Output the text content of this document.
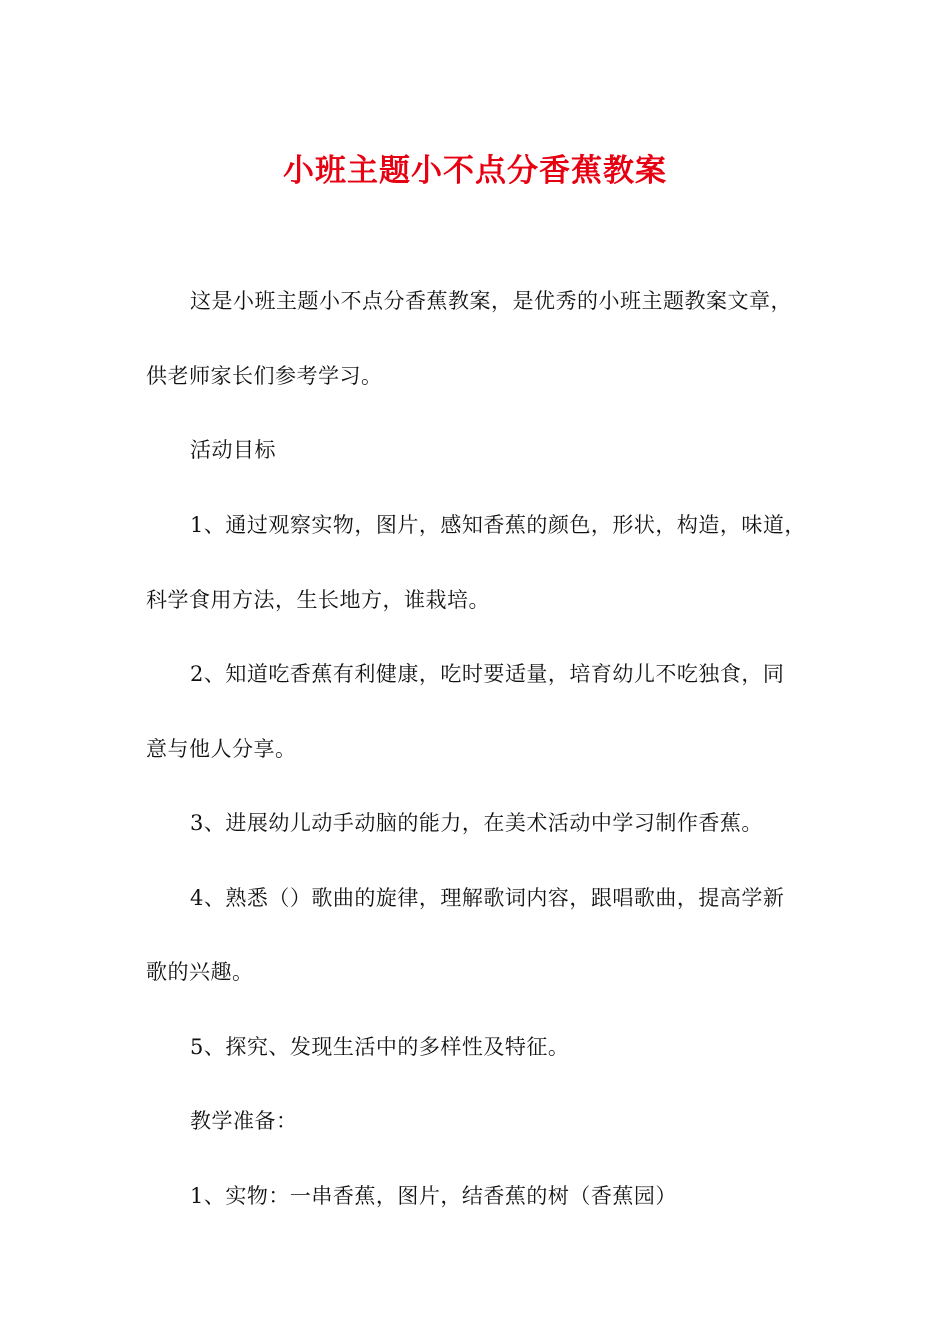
小班主题小不点分香蕉教案
这是小班主题小不点分香蕉教案，是优秀的小班主题教案文章，
供老师家长们参考学习。
活动目标
1、通过观察实物，图片，感知香蕉的颜色，形状，构造，味道，
科学食用方法，生长地方，谁栽培。
2、知道吃香蕉有利健康，吃时要适量，培育幼儿不吃独食，同
意与他人分享。
3、进展幼儿动手动脑的能力，在美术活动中学习制作香蕉。
4、熟悉（）歌曲的旋律，理解歌词内容，跟唱歌曲，提高学新
歌的兴趣。
5、探究、发现生活中的多样性及特征。
教学准备：
1、实物：一串香蕉，图片，结香蕉的树（香蕉园）
